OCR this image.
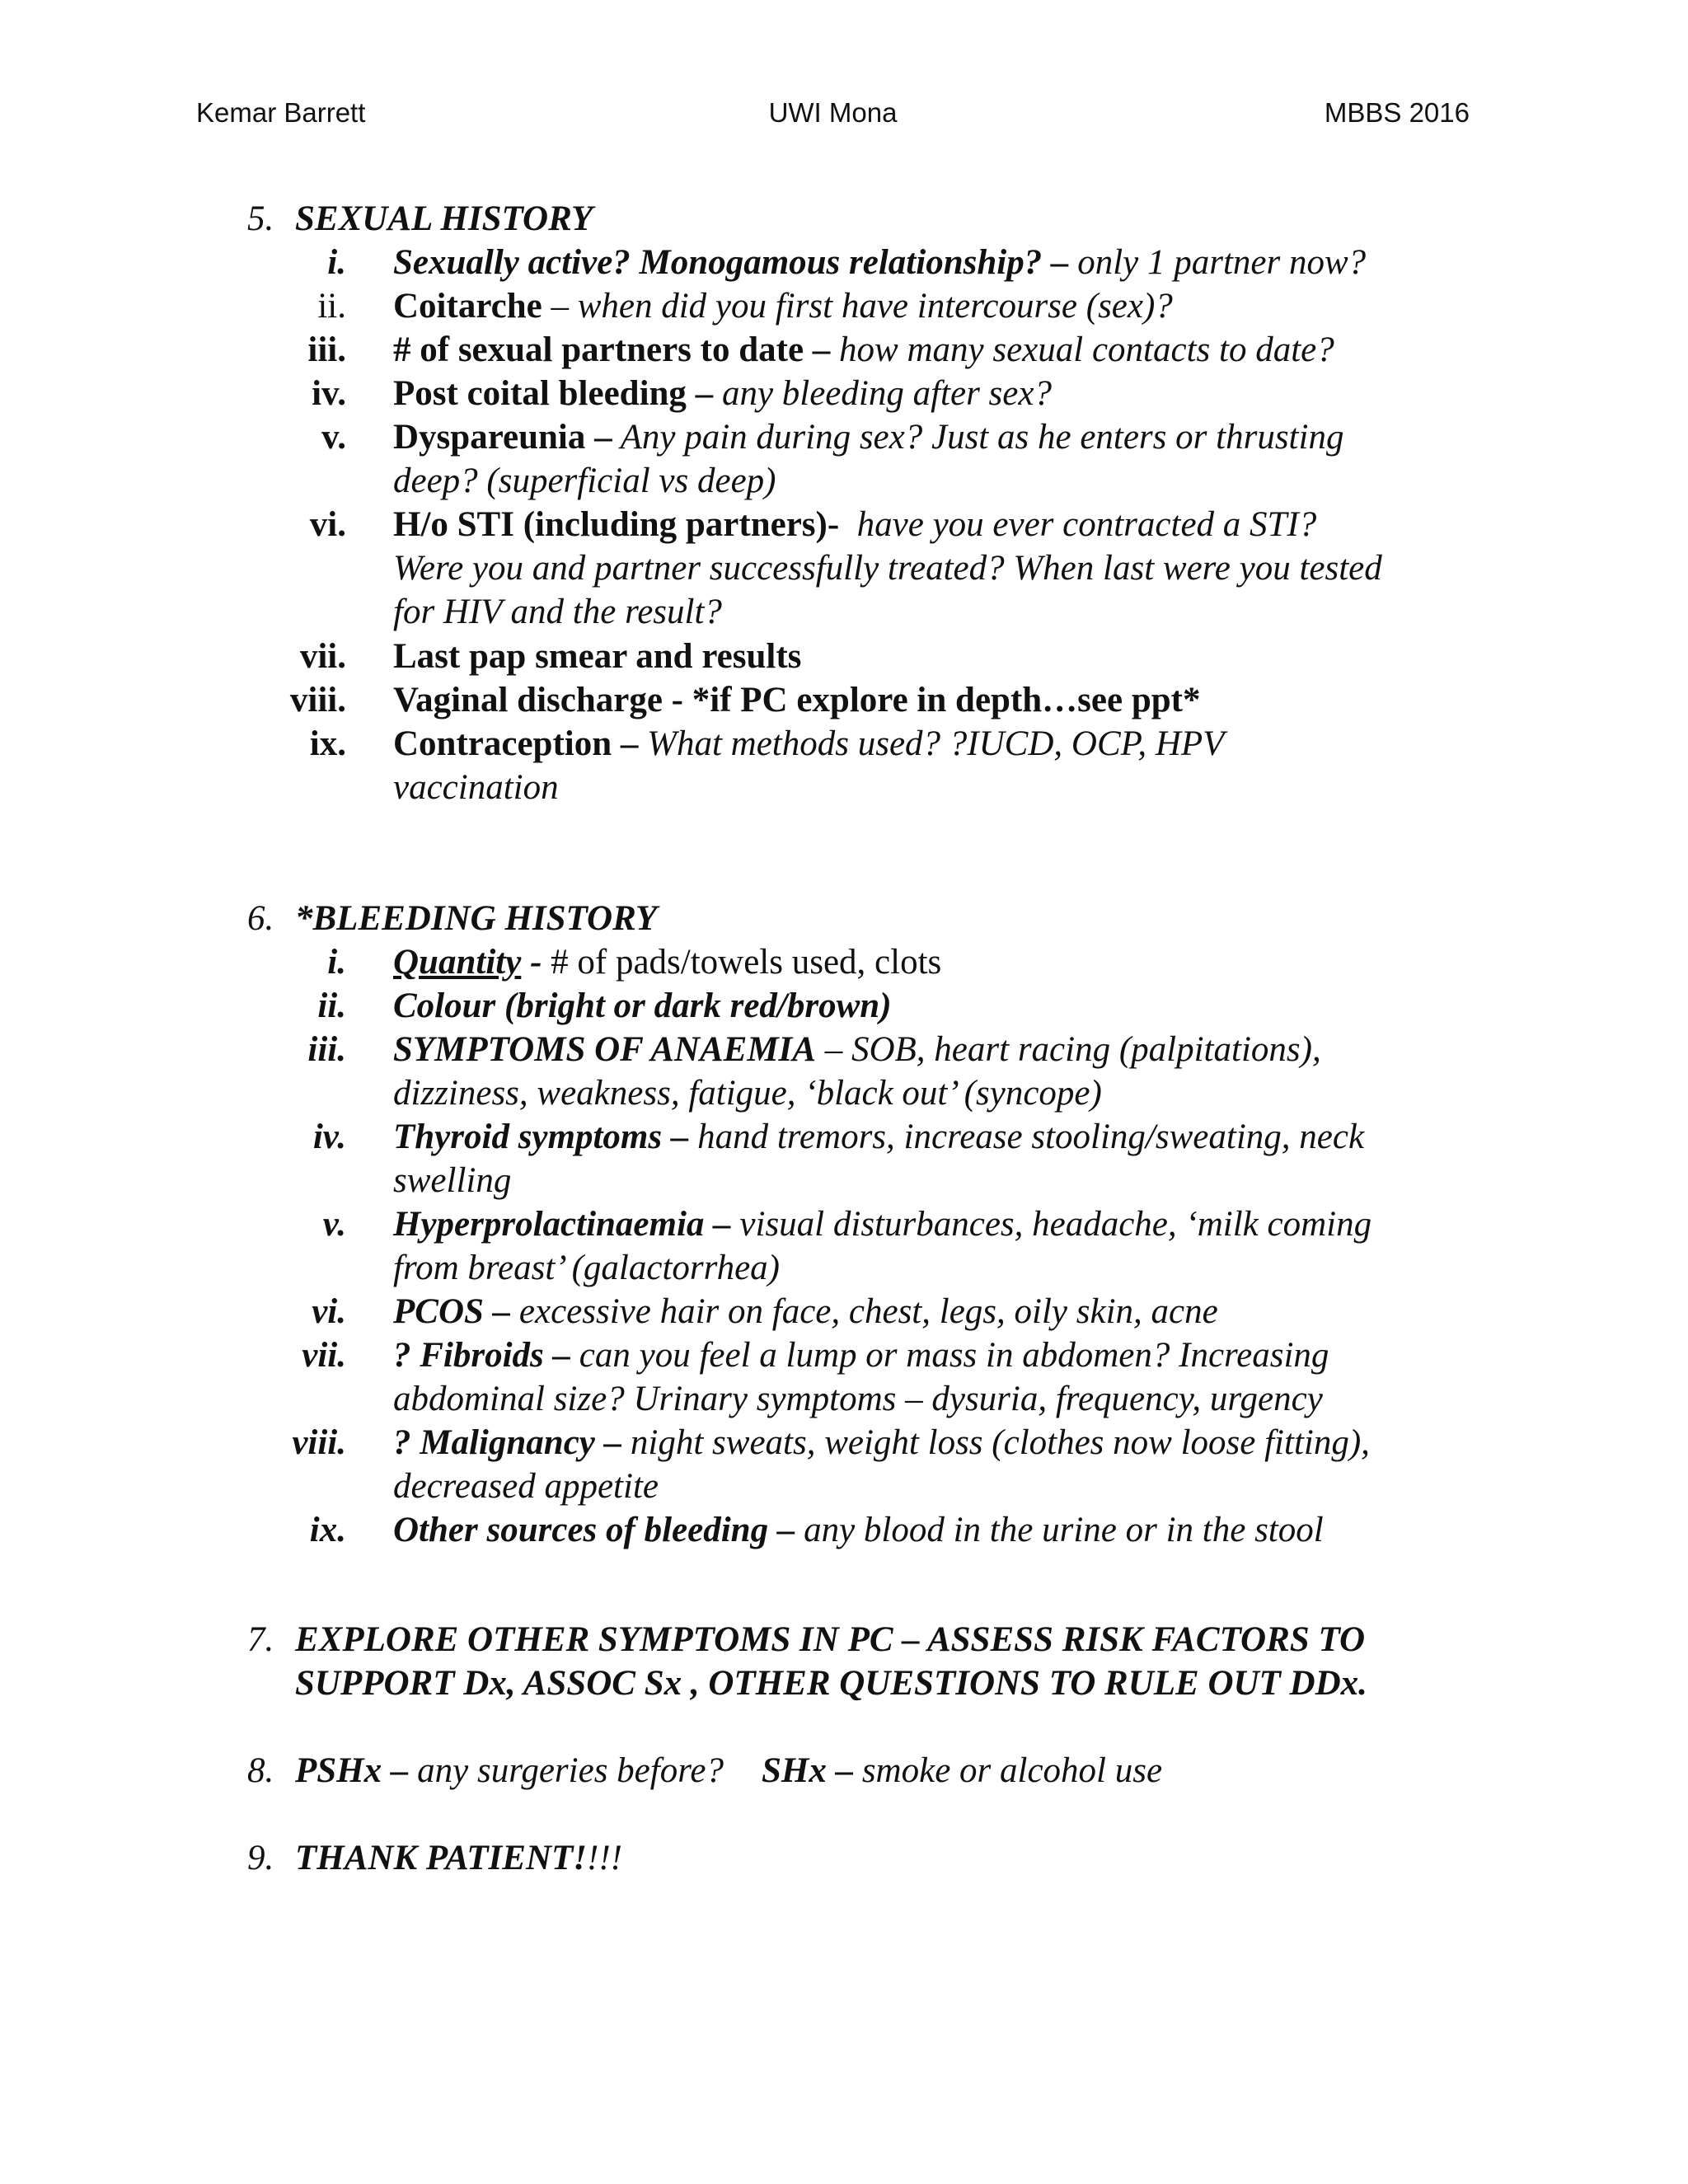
Kemar Barrett	UWI Mona	MBBS 2016
5. SEXUAL HISTORY
i. Sexually active? Monogamous relationship? – only 1 partner now?
ii. Coitarche – when did you first have intercourse (sex)?
iii. # of sexual partners to date – how many sexual contacts to date?
iv. Post coital bleeding – any bleeding after sex?
v. Dyspareunia – Any pain during sex? Just as he enters or thrusting
deep? (superficial vs deep)
vi. H/o STI (including partners)-  have you ever contracted a STI?
Were you and partner successfully treated? When last were you tested
for HIV and the result?
vii. Last pap smear and results
viii. Vaginal discharge - *if PC explore in depth…see ppt*
ix. Contraception – What methods used? ?IUCD, OCP, HPV
vaccination
6. *BLEEDING HISTORY
i. Quantity - # of pads/towels used, clots
ii. Colour (bright or dark red/brown)
iii. SYMPTOMS OF ANAEMIA – SOB, heart racing (palpitations),
dizziness, weakness, fatigue, ‘black out’ (syncope)
iv. Thyroid symptoms – hand tremors, increase stooling/sweating, neck
swelling
v. Hyperprolactinaemia – visual disturbances, headache, ‘milk coming
from breast’ (galactorrhea)
vi. PCOS – excessive hair on face, chest, legs, oily skin, acne
vii. ? Fibroids – can you feel a lump or mass in abdomen? Increasing
abdominal size? Urinary symptoms – dysuria, frequency, urgency
viii. ? Malignancy – night sweats, weight loss (clothes now loose fitting),
decreased appetite
ix. Other sources of bleeding – any blood in the urine or in the stool
7. EXPLORE OTHER SYMPTOMS IN PC – ASSESS RISK FACTORS TO
SUPPORT Dx, ASSOC Sx , OTHER QUESTIONS TO RULE OUT DDx.
8. PSHx – any surgeries before? SHx – smoke or alcohol use
9. THANK PATIENT!!!!
